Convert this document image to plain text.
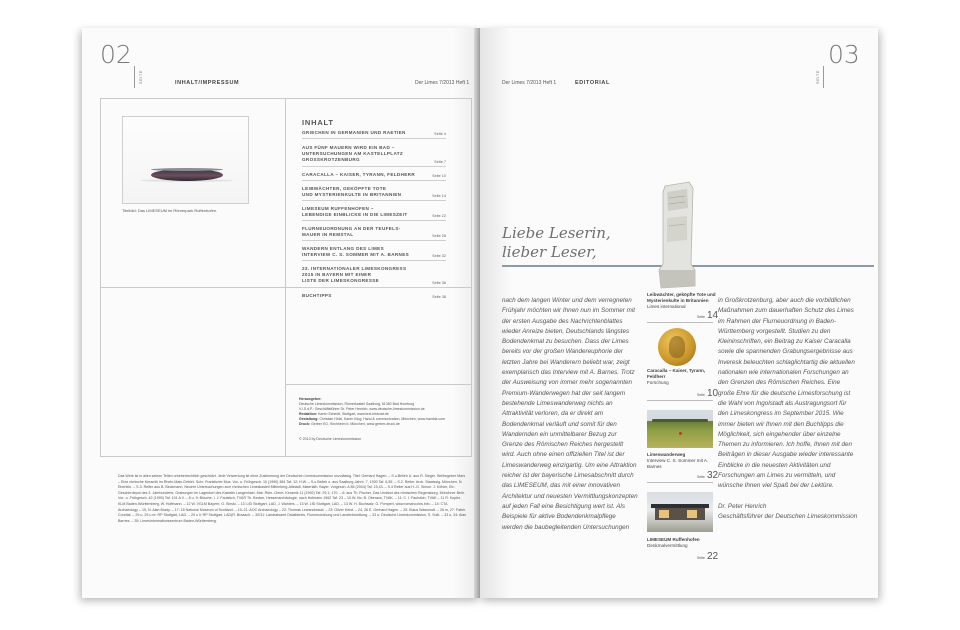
02
SEITE	INHALT/IMPRESSUM	Der Limes 7/2013 Heft 1
Titelbild: Das LIMESEUM im Römerpark Ruffenhofen.
INHALT
GRIECHEN IN GERMANIEN UND RAETIEN	Seite 4
AUS FÜNF MAUERN WIRD EIN BAD –
UNTERSUCHUNGEN AM KASTELLPLATZ
GROSSKROTZENBURG	Seite 7
CARACALLA – KAISER, TYRANN, FELDHERR	Seite 10
LEIBWÄCHTER, GEKÖPFTE TOTE
UND MYSTERIENKULTE IN BRITANNIEN	Seite 14
LIMESEUM RUFFENHOFEN –
LEBENDIGE EINBLICKE IN DIE LIMESZEIT	Seite 22
FLURNEUORDNUNG AN DER TEUFELS-
MAUER IN REMSTAL	Seite 28
WANDERN ENTLANG DES LIMES
INTERVIEW C. S. SOMMER MIT A. BARNES	Seite 32
23. INTERNATIONALER LIMESKONGRESS
2015 IN BAYERN MIT EINER
LISTE DER LIMESKONGRESSE	Seite 36
BUCHTIPPS	Seite 38
Herausgeber:
Deutsche Limeskommission, Römerkastell Saalburg, 61350 Bad Homburg
V.i.S.d.P.: Geschäftsführer Dr. Peter Henrich, www.deutsche-limeskommission.de
Redaktion: Karen Schmitt, Stuttgart, www.text-lektorat.de
Gestaltung: Christian Hölzl, Karen Klug; Hand & communication, München, www.handds.com
Druck: Gerber KG, Kirchheim b. München, www.gerber-druck.de
© 2013 by Deutsche Limeskommission
Das Werk ist in allen seinen Teilen urheberrechtlich geschützt. Jede Verwertung ist ohne Zustimmung der Deutschen Limeskommission unzulässig. Titel: Gerhard Hagen. – S.u.Belleh U. aus R. Sieger. Weihegeber Mars – Eine römische Keramik im Rhein-Main-Gebiet. Schr. Frankfurter Mus. Vor- u. Frühgesch. 10 (1990) 384 Taf. 12; H.W. – S.u.Belleh u. aus Saalburg-Jahrb. 7, 1930 Taf. 6,55. – S.2. Reiter. Arch. Staatsslg. München, N. Eberlein. – S.3. Reiter aus B. Beckmann, Neuere Untersuchungen zum römischen Limeskastell Miltenberg-Altstadt. Materialh. Bayer. Vorgesch. A 85 (2004) Taf. 15,43. – S.4 Reiter aus H.-G. Simon. J. Köhler, Ein Geschirrdepot des 3. Jahrhunderts. Grabungen im Lagerdorf des Kastells Langenhain. Mat. Röm.-Germ. Keramik 11 (1992) Taf. 29,1; 170. – 6: aus Th. Fischer, Das Umland des römischen Regensburg. Münchner Beitr. Vor- u. Frühgesch. 42 (1990) Taf. 101 A 9. – 8 u. 9: Büsche, I. J. Faulstich, TVAR Th. Becker, Hessenarchäologie, nach Hofmann 1962 Taf. 23 – 10 W. Ilic; B. Oberaus, TVAK. – 11: C. I. Faulstich, TVAK – 11 R. Kopler. KLM Baden-Württemberg, W. Hoffmann. – 12 W. VGLM Bayern; G. Sinski. – 13: LfD Stuttgart, LAD, J. Wahlers. – 13 W. LfD Stuttgart, LAD. – 13 W. H. Buchsatz; G. Pomperl, www.romancoins.info. – 14: CTA Archaeology – 15, N. Alan Brady. – 17: 18 National Museum of Scotland. – 19–21: AOC Archaeology – 22: Thomas Lewandowski. – 23: Oliver Heist. – 24, 26 E. Gerhard Hagen. – 25: Klaus Wassmutt. – 26 m, 27: Faber Courtial. – 29 u, 29 u re: RP Stuttgart, LAD. – 29 u li: RP Stuttgart, LAD(R. Braasch. – 30/31: Landratsamt Ostalbkreis, Flurneuordnung und Landentwicklung. – 33 u: Deutsche Limeskommission, S. Sulk. – 33 u, 34: Alan Barnes. – 35: Limesinformationszentrum Baden-Württemberg.
Der Limes 7/2013 Heft 1	EDITORIAL	SEITE
03
Liebe Leserin,
lieber Leser,
Leibwächter, geköpfte Tote und Mysterienkulte in Britannien
Limes international
Seite 14
Caracalla – Kaiser, Tyrann, Feldherr
Forschung
Seite 10
Limeswanderweg
Interview C. S. Sommer mit A. Barnes
Seite 32
LIMESEUM Ruffenhofen
Denkmalvermittlung
Seite 22

nach dem langen Winter und dem verregneten Frühjahr möchten wir Ihnen nun im Sommer mit der ersten Ausgabe des Nachrichtenblattes wieder Anreize bieten, Deutschlands längstes Bodendenkmal zu besuchen. Dass der Limes bereits vor der großen Wandereuphorie der letzten Jahre bei Wanderern beliebt war, zeigt exemplarisch das Interview mit A. Barnes. Trotz der Ausweisung von immer mehr sogenannten Premium-Wanderwegen hat der seit langem bestehende Limeswanderweg nichts an Attraktivität verloren, da er direkt am Bodendenkmal verläuft und somit für den Wandernden ein unmittelbarer Bezug zur Grenze des Römischen Reiches hergestellt wird. Auch ohne einen offiziellen Titel ist der Limeswanderweg einzigartig. Um eine Attraktion reicher ist der bayerische Limesabschnitt durch das LIMESEUM, das mit einer innovativen Architektur und neuesten Vermittlungskonzepten auf jeden Fall eine Besichtigung wert ist. Als Beispiele für aktive Bodendenkmalpflege werden die baubegleitenden Untersuchungen

in Großkrotzenburg, aber auch die vorbildlichen Maßnahmen zum dauerhaften Schutz des Limes im Rahmen der Flurneuordnung in Baden-Württemberg vorgestellt. Studien zu den Kleininschriften, ein Beitrag zu Kaiser Caracalla sowie die spannenden Grabungsergebnisse aus Inveresk beleuchten schlaglichtartig die aktuellen nationalen wie internationalen Forschungen an den Grenzen des Römischen Reiches. Eine große Ehre für die deutsche Limesforschung ist die Wahl von Ingolstadt als Austragungsort für den Limeskongress im September 2015. Wie immer bieten wir Ihnen mit den Buchtipps die Möglichkeit, sich eingehender über einzelne Themen zu informieren. Ich hoffe, Ihnen mit den Beiträgen in dieser Ausgabe wieder interessante Einblicke in die neuesten Aktivitäten und Forschungen am Limes zu vermitteln, und wünsche Ihnen viel Spaß bei der Lektüre.

Dr. Peter Henrich
Geschäftsführer der Deutschen Limeskommission
